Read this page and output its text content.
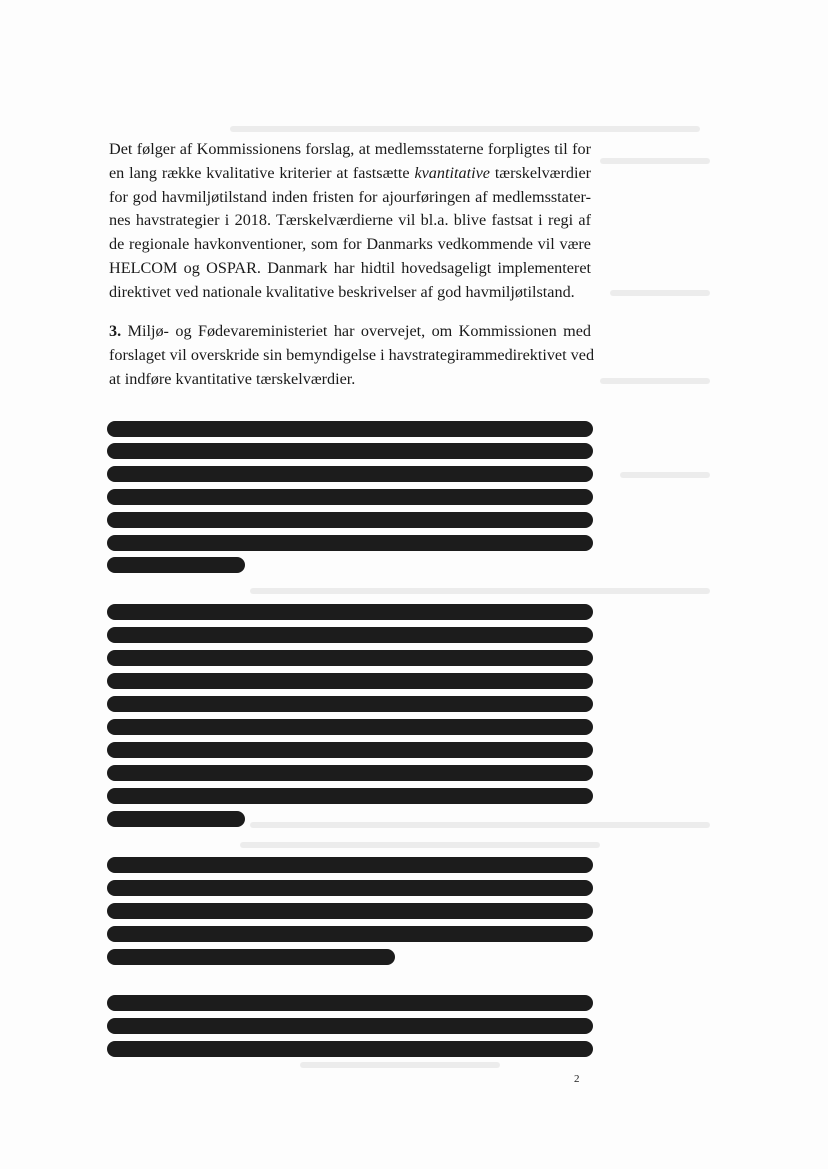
Det følger af Kommissionens forslag, at medlemsstaterne forpligtes til for
en lang række kvalitative kriterier at fastsætte kvantitative tærskelværdier
for god havmiljøtilstand inden fristen for ajourføringen af medlemsstater-
nes havstrategier i 2018. Tærskelværdierne vil bl.a. blive fastsat i regi af
de regionale havkonventioner, som for Danmarks vedkommende vil være
HELCOM og OSPAR. Danmark har hidtil hovedsageligt implementeret
direktivet ved nationale kvalitative beskrivelser af god havmiljøtilstand.
3. Miljø- og Fødevareministeriet har overvejet, om Kommissionen med
forslaget vil overskride sin bemyndigelse i havstrategirammedirektivet ved
at indføre kvantitative tærskelværdier.
2
